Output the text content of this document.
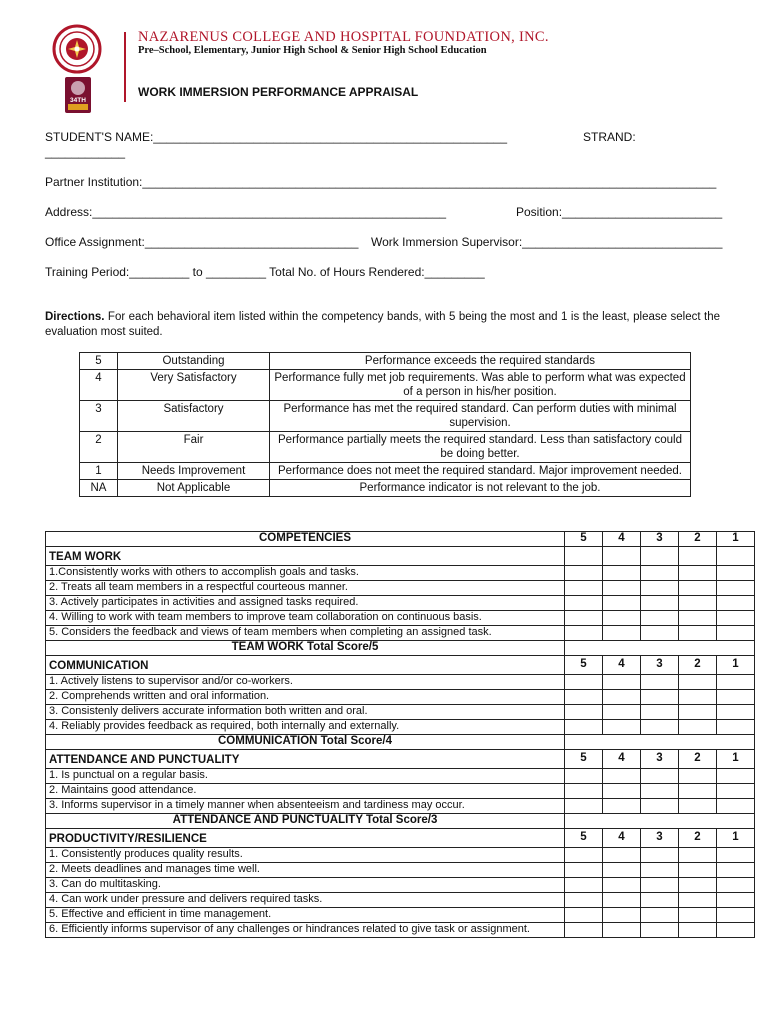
34TH
NAZARENUS COLLEGE AND HOSPITAL FOUNDATION, INC.
Pre–School, Elementary, Junior High School & Senior High School Education
WORK IMMERSION PERFORMANCE APPRAISAL
STUDENT'S NAME:_____________________________________________________	STRAND:
____________
Partner Institution:______________________________________________________________________________________
Address:_____________________________________________________	Position:________________________
Office Assignment:________________________________ Work Immersion Supervisor:______________________________
Training Period:_________ to _________ Total No. of Hours Rendered:_________
Directions. For each behavioral item listed within the competency bands, with 5 being the most and 1 is the least, please select the evaluation most suited.
5	Outstanding	Performance exceeds the required standards
4	Very Satisfactory	Performance fully met job requirements. Was able to perform what was expected of a person in his/her position.
3	Satisfactory	Performance has met the required standard. Can perform duties with minimal supervision.
2	Fair	Performance partially meets the required standard. Less than satisfactory could be doing better.
1	Needs Improvement	Performance does not meet the required standard. Major improvement needed.
NA	Not Applicable	Performance indicator is not relevant to the job.
COMPETENCIES	5	4	3	2	1
TEAM WORK					
1.Consistently works with others to accomplish goals and tasks.					
2. Treats all team members in a respectful courteous manner.					
3. Actively participates in activities and assigned tasks required.					
4. Willing to work with team members to improve team collaboration on continuous basis.					
5. Considers the feedback and views of team members when completing an assigned task.					
TEAM WORK Total Score/5					
COMMUNICATION	5	4	3	2	1
1. Actively listens to supervisor and/or co-workers.					
2. Comprehends written and oral information.					
3. Consistenly delivers accurate information both written and oral.					
4. Reliably provides feedback as required, both internally and externally.					
COMMUNICATION Total Score/4					
ATTENDANCE AND PUNCTUALITY	5	4	3	2	1
1. Is punctual on a regular basis.					
2. Maintains good attendance.					
3. Informs supervisor in a timely manner when absenteeism and tardiness may occur.					
ATTENDANCE AND PUNCTUALITY Total Score/3					
PRODUCTIVITY/RESILIENCE	5	4	3	2	1
1. Consistently produces quality results.					
2. Meets deadlines and manages time well.					
3. Can do multitasking.					
4. Can work under pressure and delivers required tasks.					
5. Effective and efficient in time management.					
6. Efficiently informs supervisor of any challenges or hindrances related to give task or assignment.					
